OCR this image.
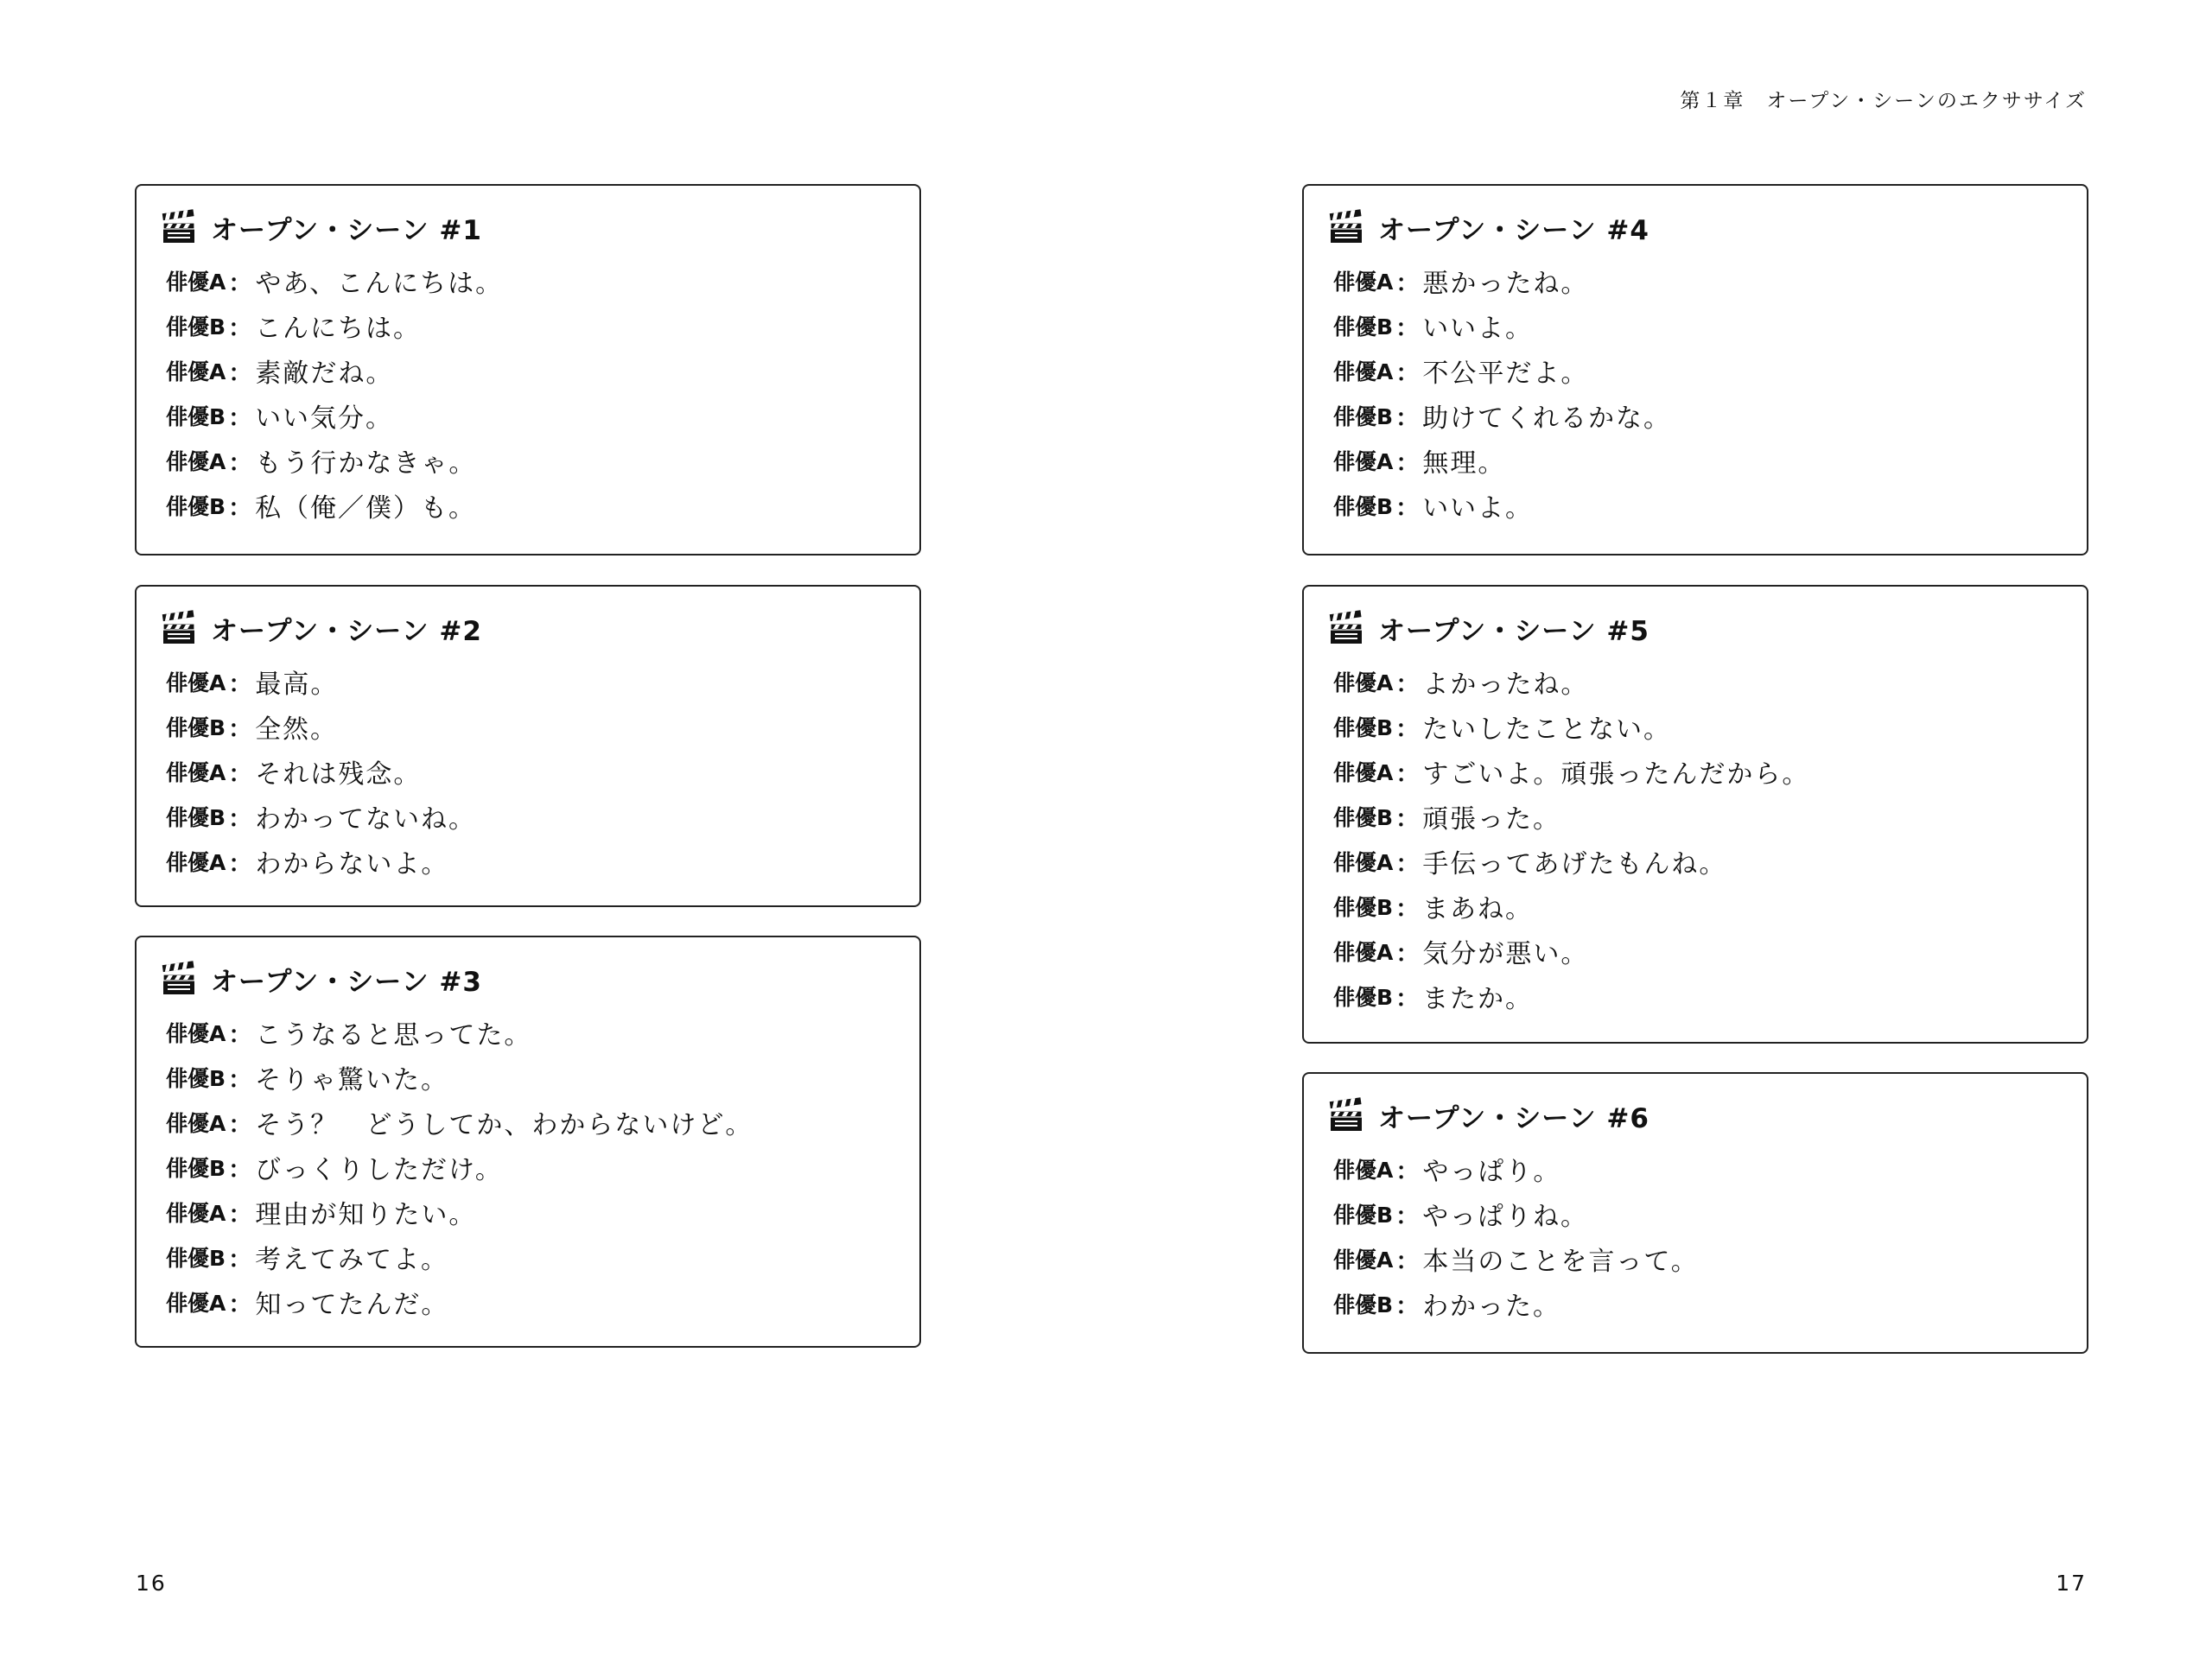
第１章　オープン・シーンのエクササイズ
オープン・シーン #1
俳優A ： やあ、こんにちは。
俳優B ： こんにちは。
俳優A ： 素敵だね。
俳優B ： いい気分。
俳優A ： もう行かなきゃ。
俳優B ： 私（俺／僕）も。
オープン・シーン #2
俳優A ： 最高。
俳優B ： 全然。
俳優A ： それは残念。
俳優B ： わかってないね。
俳優A ： わからないよ。
オープン・シーン #3
俳優A ： こうなると思ってた。
俳優B ： そりゃ驚いた。
俳優A ： そう？　どうしてか、わからないけど。
俳優B ： びっくりしただけ。
俳優A ： 理由が知りたい。
俳優B ： 考えてみてよ。
俳優A ： 知ってたんだ。
オープン・シーン #4
俳優A ： 悪かったね。
俳優B ： いいよ。
俳優A ： 不公平だよ。
俳優B ： 助けてくれるかな。
俳優A ： 無理。
俳優B ： いいよ。
オープン・シーン #5
俳優A ： よかったね。
俳優B ： たいしたことない。
俳優A ： すごいよ。頑張ったんだから。
俳優B ： 頑張った。
俳優A ： 手伝ってあげたもんね。
俳優B ： まあね。
俳優A ： 気分が悪い。
俳優B ： またか。
オープン・シーン #6
俳優A ： やっぱり。
俳優B ： やっぱりね。
俳優A ： 本当のことを言って。
俳優B ： わかった。
16	17
